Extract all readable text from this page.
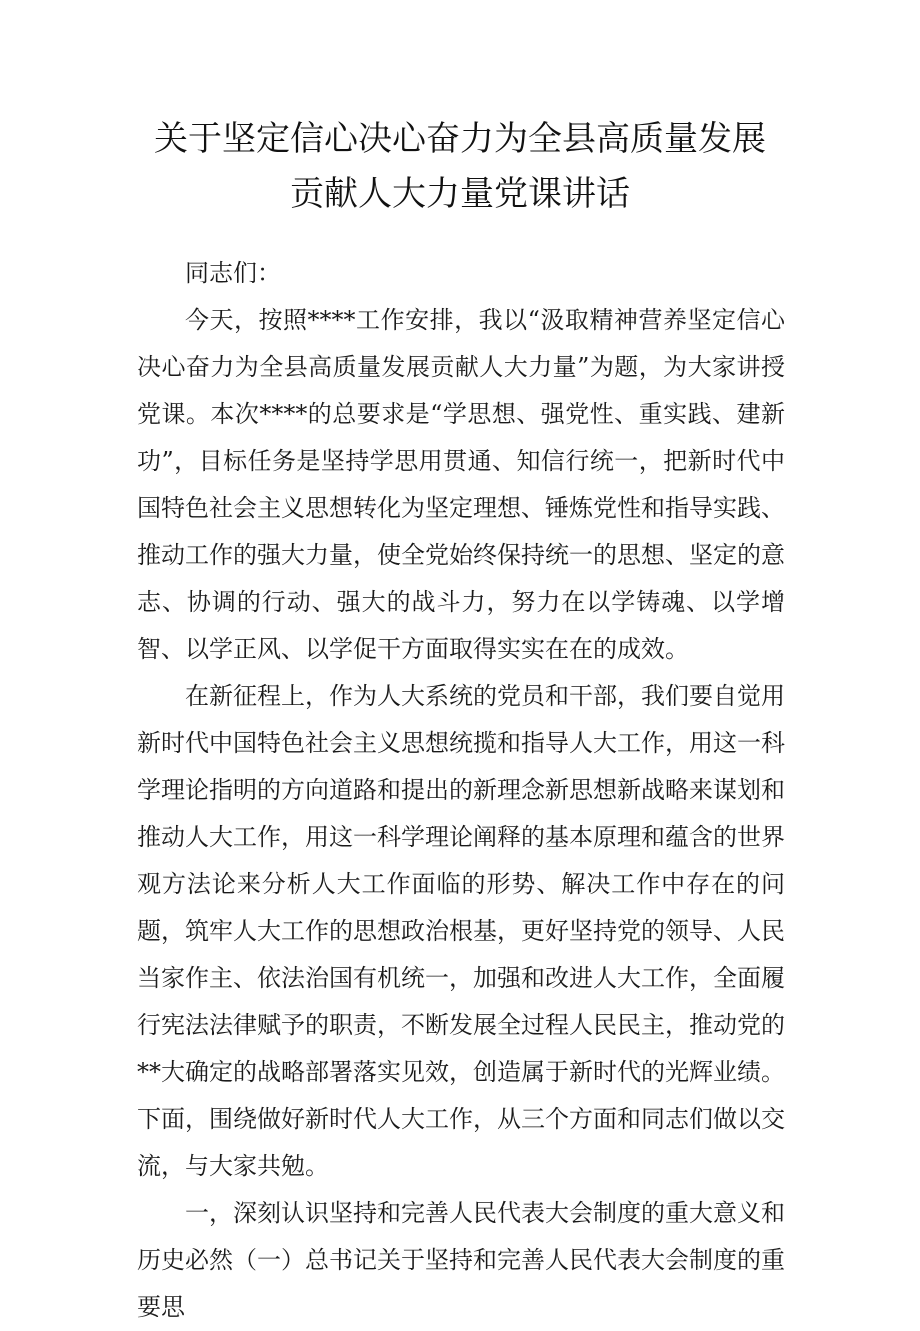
关于坚定信心决心奋力为全县高质量发展
贡献人大力量党课讲话

同志们：

今天，按照****工作安排，我以“汲取精神营养坚定信心决心奋力为全县高质量发展贡献人大力量”为题，为大家讲授党课。本次****的总要求是“学思想、强党性、重实践、建新功”，目标任务是坚持学思用贯通、知信行统一，把新时代中国特色社会主义思想转化为坚定理想、锤炼党性和指导实践、推动工作的强大力量，使全党始终保持统一的思想、坚定的意志、协调的行动、强大的战斗力，努力在以学铸魂、以学增智、以学正风、以学促干方面取得实实在在的成效。

在新征程上，作为人大系统的党员和干部，我们要自觉用新时代中国特色社会主义思想统揽和指导人大工作，用这一科学理论指明的方向道路和提出的新理念新思想新战略来谋划和推动人大工作，用这一科学理论阐释的基本原理和蕴含的世界观方法论来分析人大工作面临的形势、解决工作中存在的问题，筑牢人大工作的思想政治根基，更好坚持党的领导、人民当家作主、依法治国有机统一，加强和改进人大工作，全面履行宪法法律赋予的职责，不断发展全过程人民民主，推动党的**大确定的战略部署落实见效，创造属于新时代的光辉业绩。下面，围绕做好新时代人大工作，从三个方面和同志们做以交流，与大家共勉。

一，深刻认识坚持和完善人民代表大会制度的重大意义和历史必然（一）总书记关于坚持和完善人民代表大会制度的重要思
